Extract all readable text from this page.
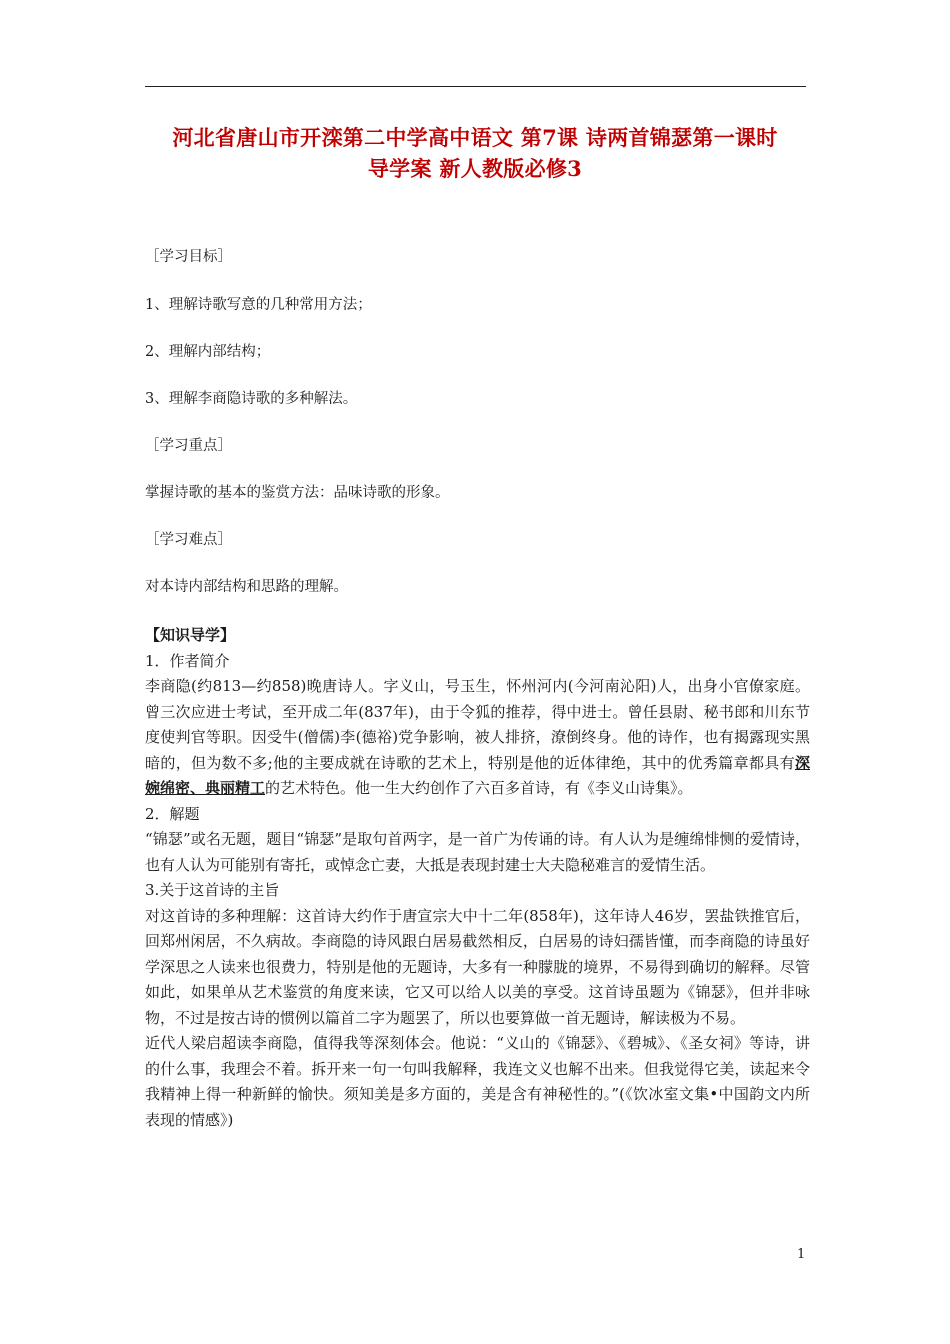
河北省唐山市开滦第二中学高中语文 第7课 诗两首锦瑟第一课时
导学案 新人教版必修3
［学习目标］
1、理解诗歌写意的几种常用方法；
2、理解内部结构；
3、理解李商隐诗歌的多种解法。
［学习重点］
掌握诗歌的基本的鉴赏方法：品味诗歌的形象。
［学习难点］
对本诗内部结构和思路的理解。

【知识导学】

1．作者简介

李商隐(约813—约858)晚唐诗人。字义山，号玉生，怀州河内(今河南沁阳)人，出身小官僚家庭。曾三次应进士考试，至开成二年(837年)，由于令狐的推荐，得中进士。曾任县尉、秘书郎和川东节度使判官等职。因受牛(僧儒)李(德裕)党争影响，被人排挤，潦倒终身。他的诗作，也有揭露现实黑暗的，但为数不多;他的主要成就在诗歌的艺术上，特别是他的近体律绝，其中的优秀篇章都具有深婉绵密、典丽精工的艺术特色。他一生大约创作了六百多首诗，有《李义山诗集》。

2．解题

“锦瑟”或名无题，题目“锦瑟”是取句首两字，是一首广为传诵的诗。有人认为是缠绵悱恻的爱情诗，也有人认为可能别有寄托，或悼念亡妻，大抵是表现封建士大夫隐秘难言的爱情生活。

3.关于这首诗的主旨

对这首诗的多种理解：这首诗大约作于唐宣宗大中十二年(858年)，这年诗人46岁，罢盐铁推官后，回郑州闲居，不久病故。李商隐的诗风跟白居易截然相反，白居易的诗妇孺皆懂，而李商隐的诗虽好学深思之人读来也很费力，特别是他的无题诗，大多有一种朦胧的境界，不易得到确切的解释。尽管如此，如果单从艺术鉴赏的角度来读，它又可以给人以美的享受。这首诗虽题为《锦瑟》，但并非咏物，不过是按古诗的惯例以篇首二字为题罢了，所以也要算做一首无题诗，解读极为不易。

近代人梁启超读李商隐，值得我等深刻体会。他说：“义山的《锦瑟》、《碧城》、《圣女祠》等诗，讲的什么事，我理会不着。拆开来一句一句叫我解释，我连文义也解不出来。但我觉得它美，读起来令我精神上得一种新鲜的愉快。须知美是多方面的，美是含有神秘性的。”(《饮冰室文集•中国韵文内所表现的情感》)

1
